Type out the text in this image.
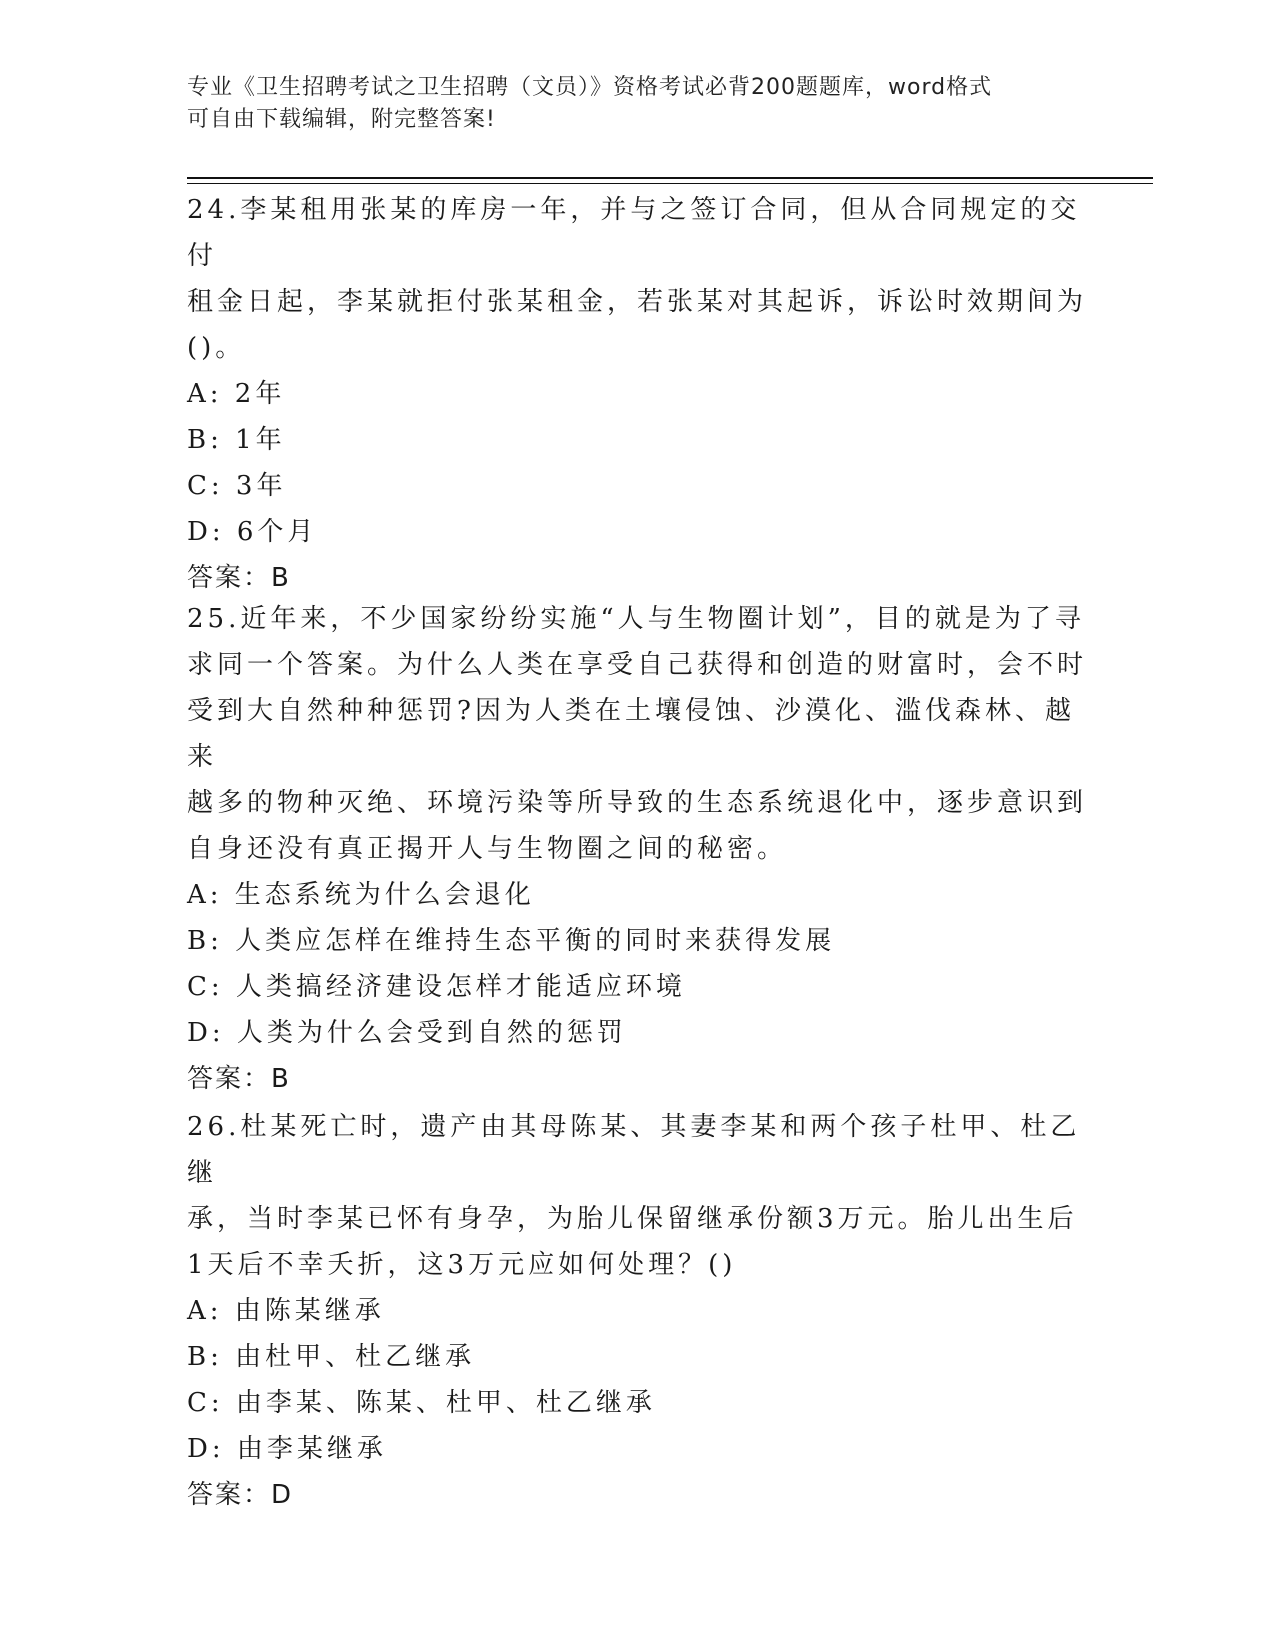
专业《卫生招聘考试之卫生招聘（文员）》资格考试必背200题题库，word格式
可自由下载编辑，附完整答案!

24.李某租用张某的库房一年，并与之签订合同，但从合同规定的交付

租金日起，李某就拒付张某租金，若张某对其起诉，诉讼时效期间为

()。

A: 2年

B: 1年

C: 3年

D: 6个月

答案：B

25.近年来，不少国家纷纷实施“人与生物圈计划”，目的就是为了寻

求同一个答案。为什么人类在享受自己获得和创造的财富时，会不时

受到大自然种种惩罚?因为人类在土壤侵蚀、沙漠化、滥伐森林、越来

越多的物种灭绝、环境污染等所导致的生态系统退化中，逐步意识到

自身还没有真正揭开人与生物圈之间的秘密。

A: 生态系统为什么会退化

B: 人类应怎样在维持生态平衡的同时来获得发展

C: 人类搞经济建设怎样才能适应环境

D: 人类为什么会受到自然的惩罚

答案：B

26.杜某死亡时，遗产由其母陈某、其妻李某和两个孩子杜甲、杜乙继

承，当时李某已怀有身孕，为胎儿保留继承份额3万元。胎儿出生后

1天后不幸夭折，这3万元应如何处理？()

A: 由陈某继承

B: 由杜甲、杜乙继承

C: 由李某、陈某、杜甲、杜乙继承

D: 由李某继承

答案：D
